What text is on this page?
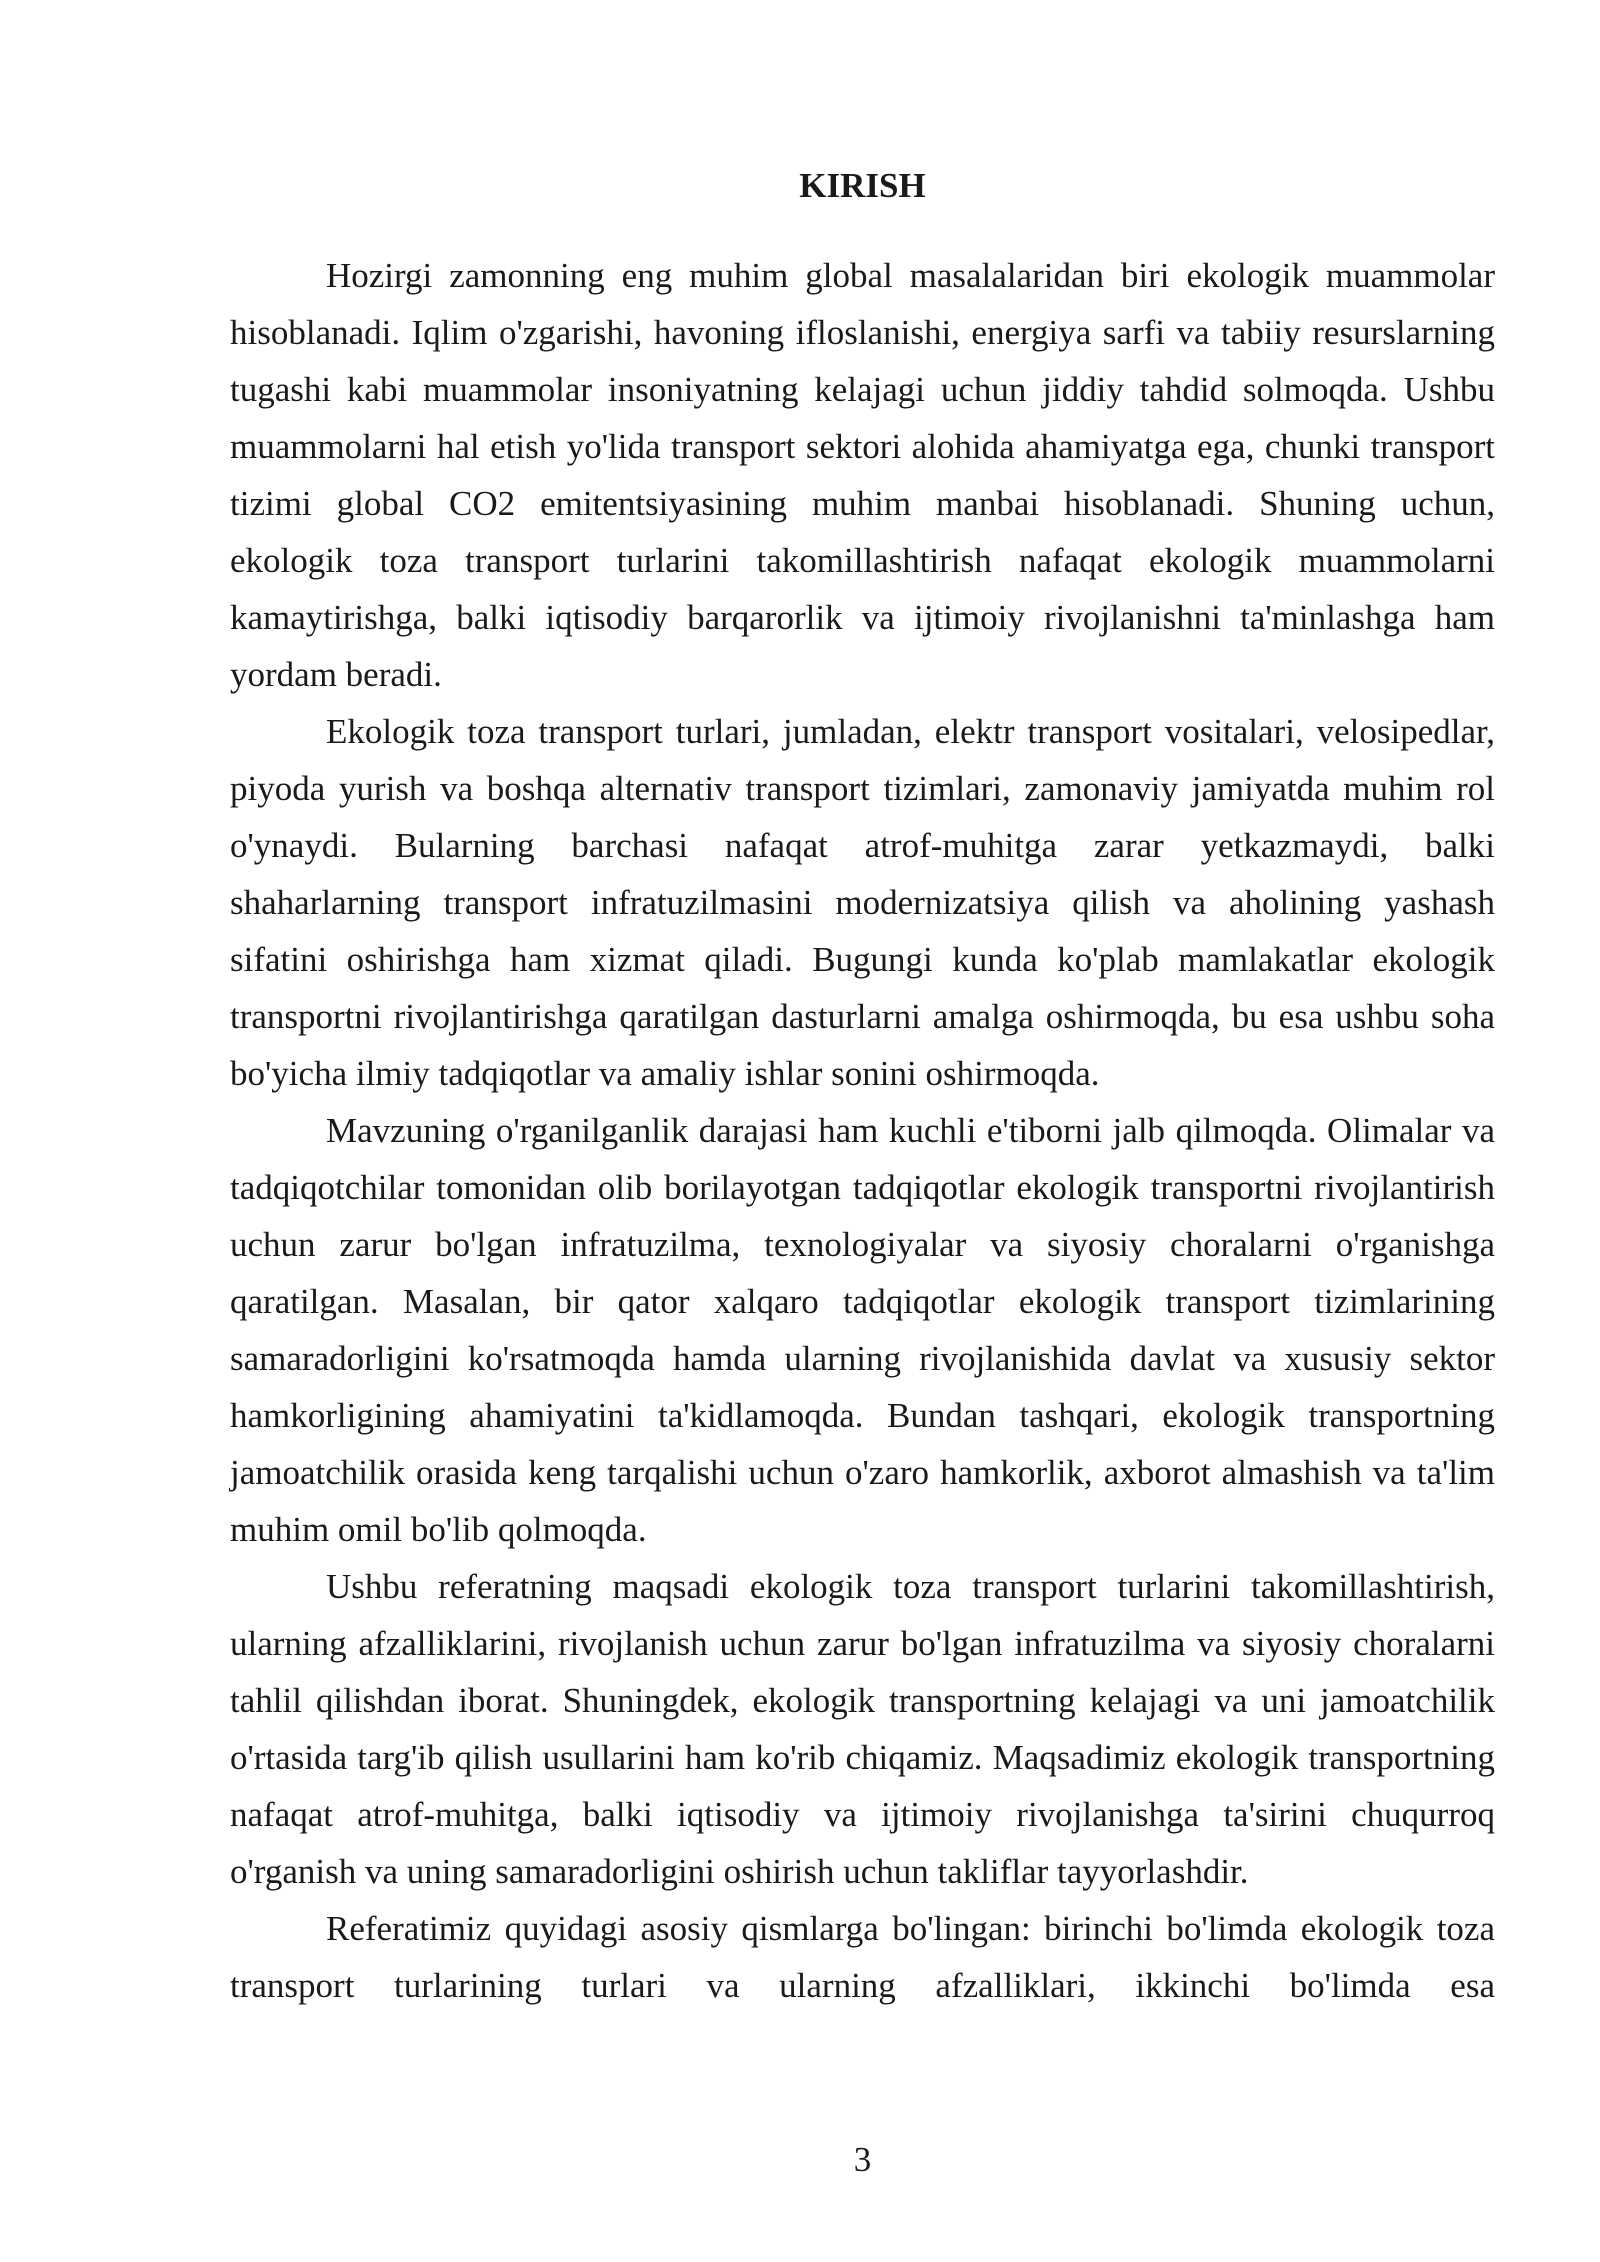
KIRISH

Hozirgi zamonning eng muhim global masalalaridan biri ekologik muammolar hisoblanadi. Iqlim o'zgarishi, havoning ifloslanishi, energiya sarfi va tabiiy resurslarning tugashi kabi muammolar insoniyatning kelajagi uchun jiddiy tahdid solmoqda. Ushbu muammolarni hal etish yo'lida transport sektori alohida ahamiyatga ega, chunki transport tizimi global CO2 emitentsiyasining muhim manbai hisoblanadi. Shuning uchun, ekologik toza transport turlarini takomillashtirish nafaqat ekologik muammolarni kamaytirishga, balki iqtisodiy barqarorlik va ijtimoiy rivojlanishni ta'minlashga ham yordam beradi.

Ekologik toza transport turlari, jumladan, elektr transport vositalari, velosipedlar, piyoda yurish va boshqa alternativ transport tizimlari, zamonaviy jamiyatda muhim rol o'ynaydi. Bularning barchasi nafaqat atrof-muhitga zarar yetkazmaydi, balki shaharlarning transport infratuzilmasini modernizatsiya qilish va aholining yashash sifatini oshirishga ham xizmat qiladi. Bugungi kunda ko'plab mamlakatlar ekologik transportni rivojlantirishga qaratilgan dasturlarni amalga oshirmoqda, bu esa ushbu soha bo'yicha ilmiy tadqiqotlar va amaliy ishlar sonini oshirmoqda.

Mavzuning o'rganilganlik darajasi ham kuchli e'tiborni jalb qilmoqda. Olimalar va tadqiqotchilar tomonidan olib borilayotgan tadqiqotlar ekologik transportni rivojlantirish uchun zarur bo'lgan infratuzilma, texnologiyalar va siyosiy choralarni o'rganishga qaratilgan. Masalan, bir qator xalqaro tadqiqotlar ekologik transport tizimlarining samaradorligini ko'rsatmoqda hamda ularning rivojlanishida davlat va xususiy sektor hamkorligining ahamiyatini ta'kidlamoqda. Bundan tashqari, ekologik transportning jamoatchilik orasida keng tarqalishi uchun o'zaro hamkorlik, axborot almashish va ta'lim muhim omil bo'lib qolmoqda.

Ushbu referatning maqsadi ekologik toza transport turlarini takomillashtirish, ularning afzalliklarini, rivojlanish uchun zarur bo'lgan infratuzilma va siyosiy choralarni tahlil qilishdan iborat. Shuningdek, ekologik transportning kelajagi va uni jamoatchilik o'rtasida targ'ib qilish usullarini ham ko'rib chiqamiz. Maqsadimiz ekologik transportning nafaqat atrof-muhitga, balki iqtisodiy va ijtimoiy rivojlanishga ta'sirini chuqurroq o'rganish va uning samaradorligini oshirish uchun takliflar tayyorlashdir.

Referatimiz quyidagi asosiy qismlarga bo'lingan: birinchi bo'limda ekologik toza transport turlarining turlari va ularning afzalliklari, ikkinchi bo'limda esa

3
